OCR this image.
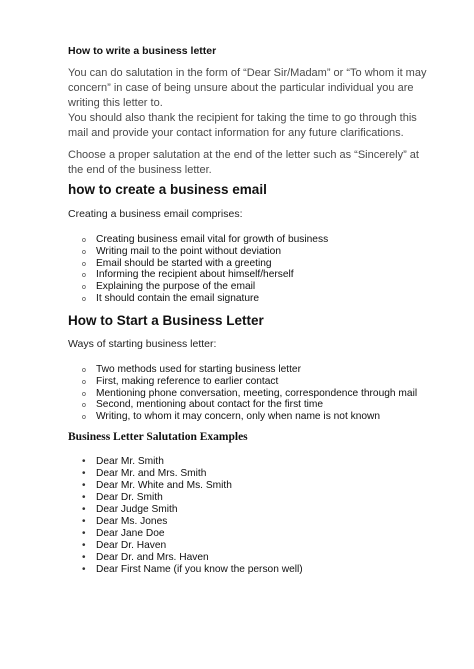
How to write a business letter
You can do salutation in the form of “Dear Sir/Madam” or “To whom it may concern” in case of being unsure about the particular individual you are writing this letter to.
You should also thank the recipient for taking the time to go through this mail and provide your contact information for any future clarifications.
Choose a proper salutation at the end of the letter such as “Sincerely” at the end of the business letter.
how to create a business email
Creating a business email comprises:
o Creating business email vital for growth of business
o Writing mail to the point without deviation
o Email should be started with a greeting
o Informing the recipient about himself/herself
o Explaining the purpose of the email
o It should contain the email signature
How to Start a Business Letter
Ways of starting business letter:
o Two methods used for starting business letter
o First, making reference to earlier contact
o Mentioning phone conversation, meeting, correspondence through mail
o Second, mentioning about contact for the first time
o Writing, to whom it may concern, only when name is not known
Business Letter Salutation Examples
• Dear Mr. Smith
• Dear Mr. and Mrs. Smith
• Dear Mr. White and Ms. Smith
• Dear Dr. Smith
• Dear Judge Smith
• Dear Ms. Jones
• Dear Jane Doe
• Dear Dr. Haven
• Dear Dr. and Mrs. Haven
• Dear First Name (if you know the person well)
